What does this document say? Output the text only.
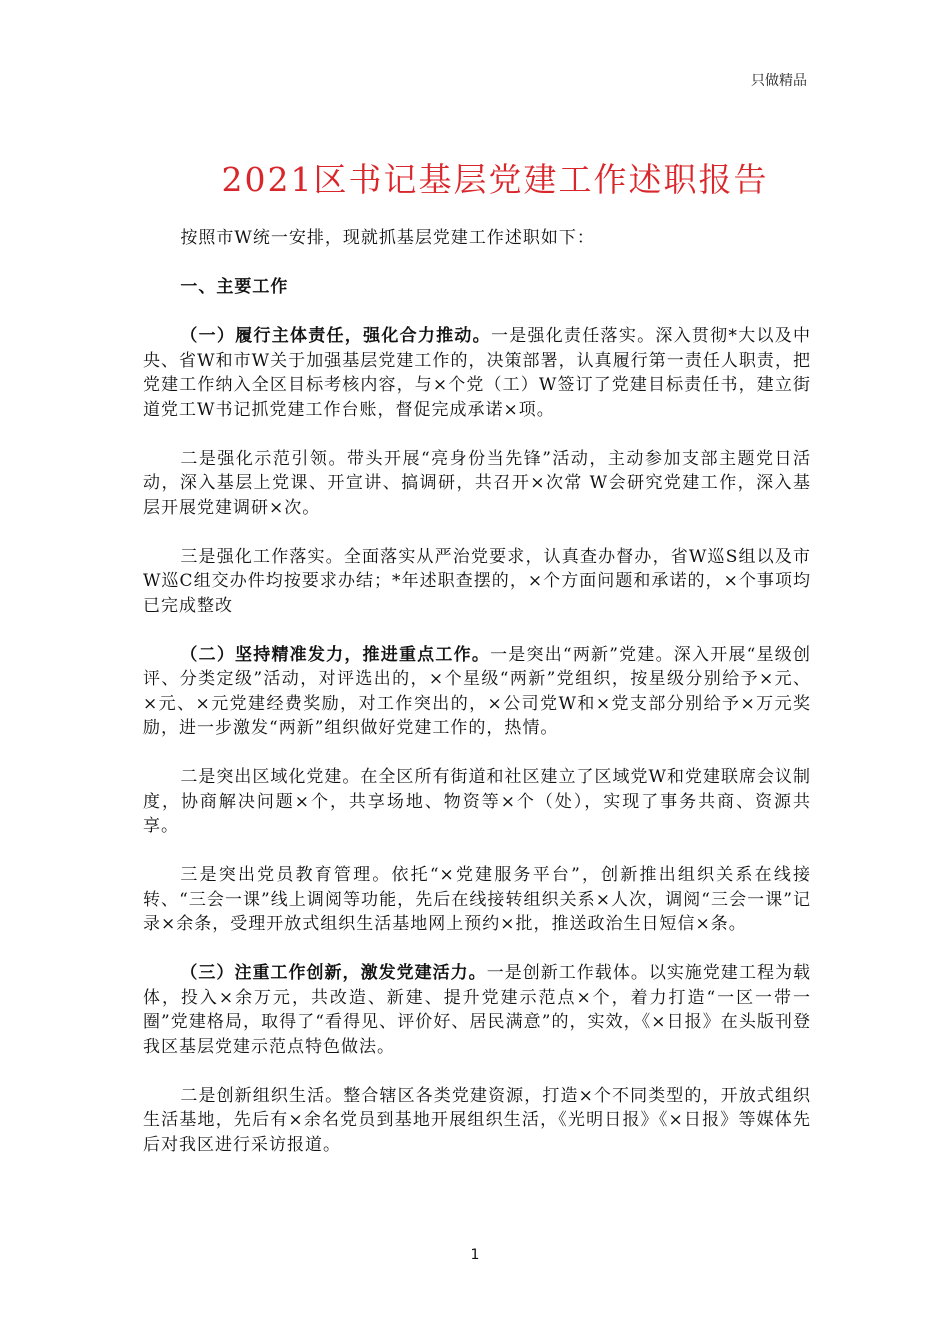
只做精品
2021区书记基层党建工作述职报告

按照市W统一安排，现就抓基层党建工作述职如下：

一、主要工作

（一）履行主体责任，强化合力推动。一是强化责任落实。深入贯彻*大以及中央、省W和市W关于加强基层党建工作的，决策部署，认真履行第一责任人职责，把党建工作纳入全区目标考核内容，与×个党（工）W签订了党建目标责任书，建立街道党工W书记抓党建工作台账，督促完成承诺×项。

二是强化示范引领。带头开展“亮身份当先锋”活动，主动参加支部主题党日活动，深入基层上党课、开宣讲、搞调研，共召开×次常 W会研究党建工作，深入基层开展党建调研×次。

三是强化工作落实。全面落实从严治党要求，认真查办督办，省W巡S组以及市W巡C组交办件均按要求办结；*年述职查摆的，×个方面问题和承诺的，×个事项均已完成整改

（二）坚持精准发力，推进重点工作。一是突出“两新”党建。深入开展“星级创评、分类定级”活动，对评选出的，×个星级“两新”党组织，按星级分别给予×元、×元、×元党建经费奖励，对工作突出的，×公司党W和×党支部分别给予×万元奖励，进一步激发“两新”组织做好党建工作的，热情。

二是突出区域化党建。在全区所有街道和社区建立了区域党W和党建联席会议制度，协商解决问题×个，共享场地、物资等×个（处），实现了事务共商、资源共享。

三是突出党员教育管理。依托“×党建服务平台”，创新推出组织关系在线接转、“三会一课”线上调阅等功能，先后在线接转组织关系×人次，调阅“三会一课”记录×余条，受理开放式组织生活基地网上预约×批，推送政治生日短信×条。

（三）注重工作创新，激发党建活力。一是创新工作载体。以实施党建工程为载体，投入×余万元，共改造、新建、提升党建示范点×个，着力打造“一区一带一圈”党建格局，取得了“看得见、评价好、居民满意”的，实效，《×日报》在头版刊登我区基层党建示范点特色做法。

二是创新组织生活。整合辖区各类党建资源，打造×个不同类型的，开放式组织生活基地，先后有×余名党员到基地开展组织生活，《光明日报》《×日报》等媒体先后对我区进行采访报道。

1
